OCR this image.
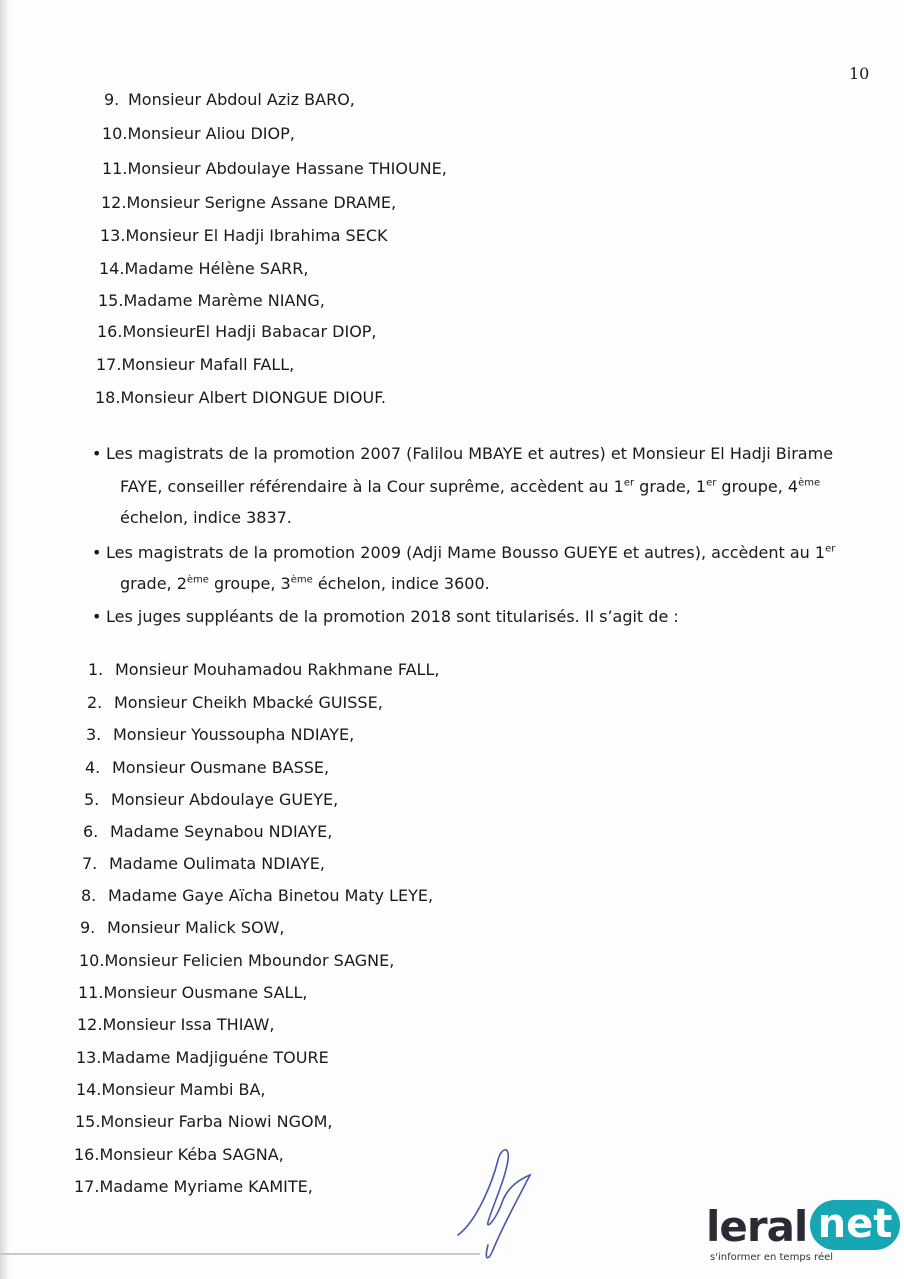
10
9. Monsieur Abdoul Aziz BARO,
10.Monsieur Aliou DIOP,
11.Monsieur Abdoulaye Hassane THIOUNE,
12.Monsieur Serigne Assane DRAME,
13.Monsieur El Hadji Ibrahima SECK
14.Madame Hélène SARR,
15.Madame Marème NIANG,
16.MonsieurEl Hadji Babacar DIOP,
17.Monsieur Mafall FALL,
18.Monsieur Albert DIONGUE DIOUF.
• Les magistrats de la promotion 2007 (Falilou MBAYE et autres) et Monsieur El Hadji Birame
FAYE, conseiller référendaire à la Cour suprême, accèdent au 1er grade, 1er groupe, 4ème
échelon, indice 3837.
• Les magistrats de la promotion 2009 (Adji Mame Bousso GUEYE et autres), accèdent au 1er
grade, 2ème groupe, 3ème échelon, indice 3600.
• Les juges suppléants de la promotion 2018 sont titularisés. Il s’agit de :
1. Monsieur Mouhamadou Rakhmane FALL,
2. Monsieur Cheikh Mbacké GUISSE,
3. Monsieur Youssoupha NDIAYE,
4. Monsieur Ousmane BASSE,
5. Monsieur Abdoulaye GUEYE,
6. Madame Seynabou NDIAYE,
7. Madame Oulimata NDIAYE,
8. Madame Gaye Aïcha Binetou Maty LEYE,
9. Monsieur Malick SOW,
10.Monsieur Felicien Mboundor SAGNE,
11.Monsieur Ousmane SALL,
12.Monsieur Issa THIAW,
13.Madame Madjiguéne TOURE
14.Monsieur Mambi BA,
15.Monsieur Farba Niowi NGOM,
16.Monsieur Kéba SAGNA,
17.Madame Myriame KAMITE,
leral net
s'informer en temps réel
